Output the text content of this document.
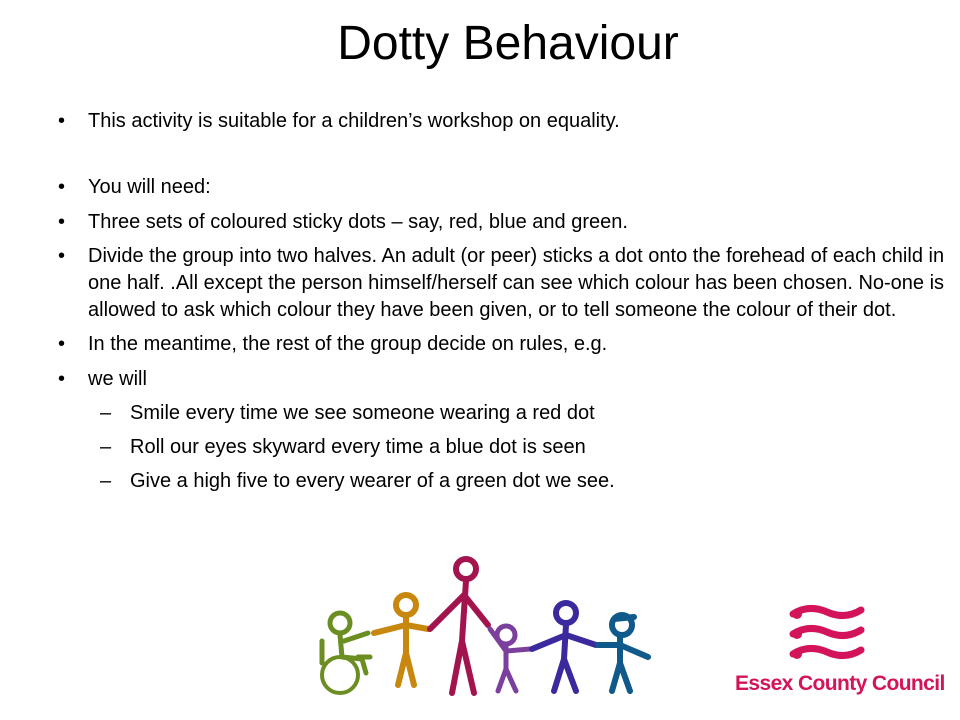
Dotty Behaviour
• This activity is suitable for a children’s workshop on equality.
• You will need:
• Three sets of coloured sticky dots – say, red, blue and green.
• Divide the group into two halves. An adult (or peer) sticks a dot onto the forehead of each child in one half. .All except the person himself/herself can see which colour has been chosen. No-one is allowed to ask which colour they have been given, or to tell someone the colour of their dot.
• In the meantime, the rest of the group decide on rules, e.g.
• we will
– Smile every time we see someone wearing a red dot
– Roll our eyes skyward every time a blue dot is seen
– Give a high five to every wearer of a green dot we see.
Essex County Council
